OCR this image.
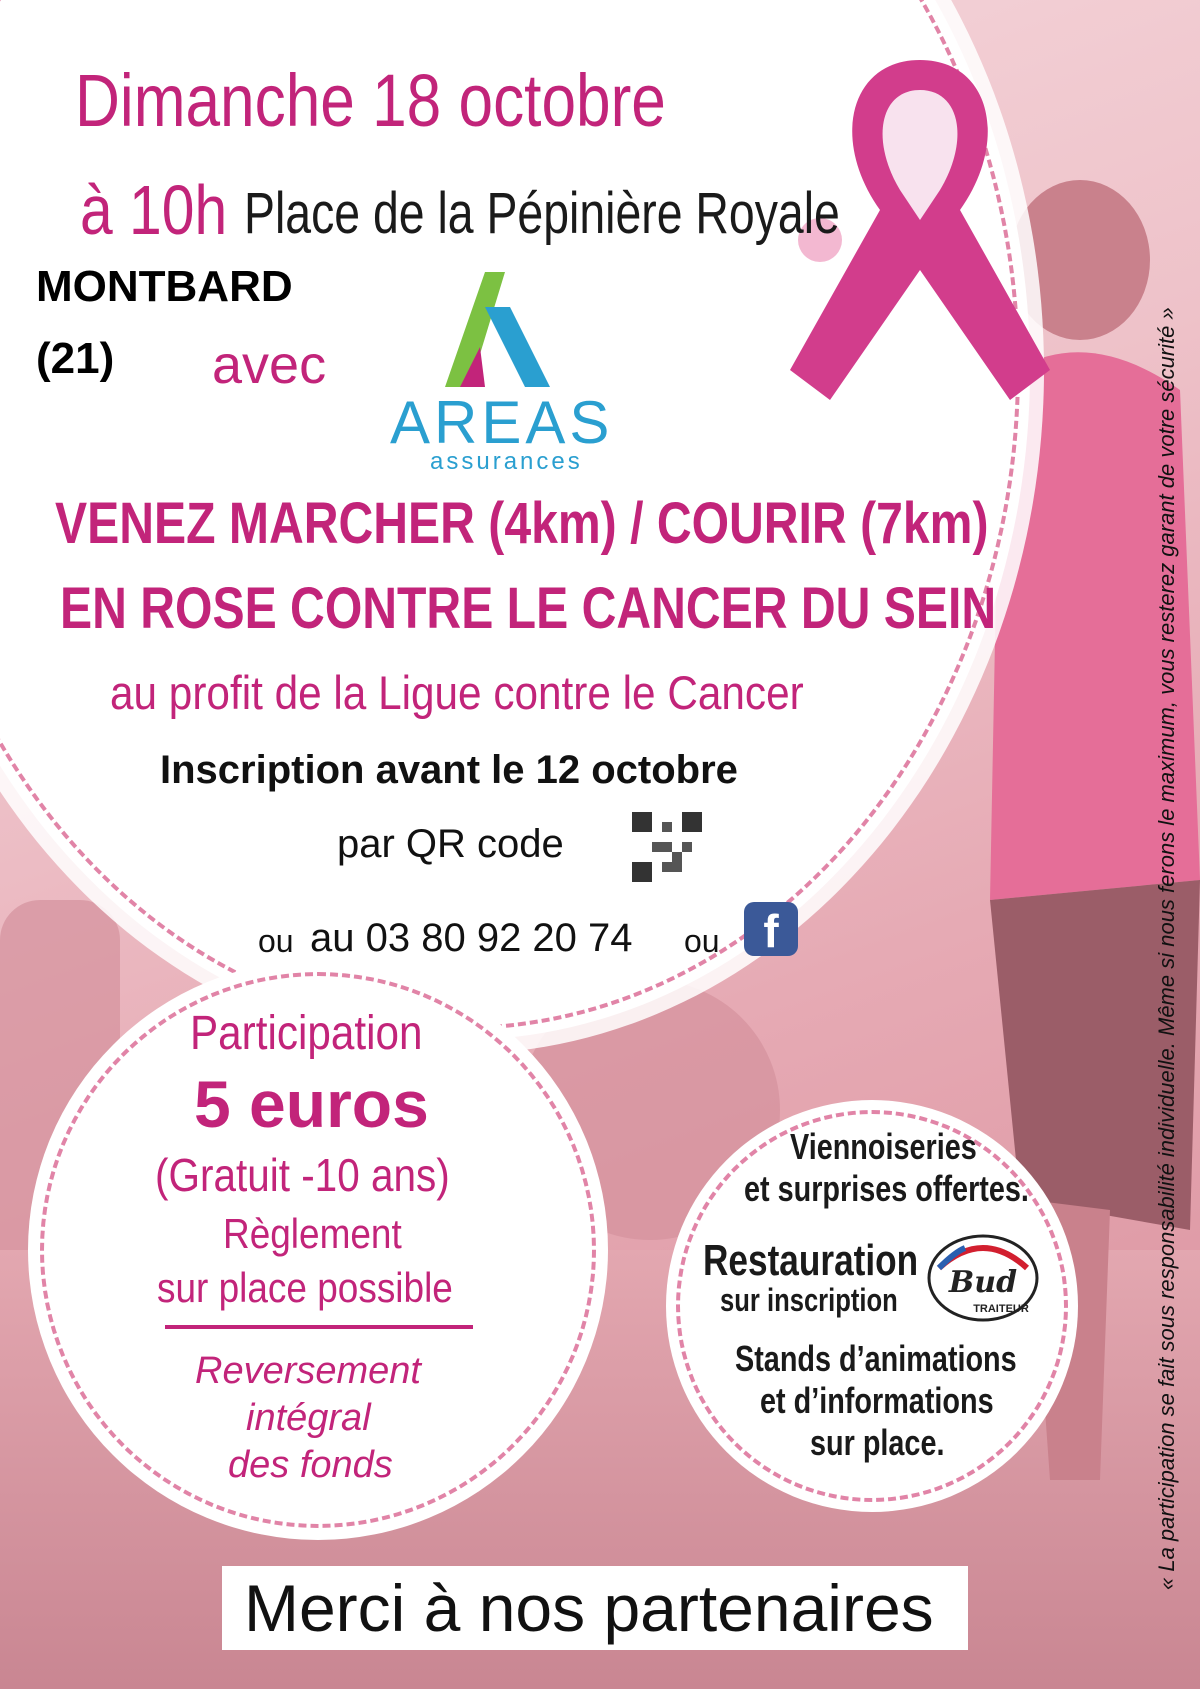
Dimanche 18 octobre
à 10h Place de la Pépinière Royale
MONTBARD
(21) avec
AREAS
assurances
VENEZ MARCHER (4km) / COURIR (7km)
EN ROSE CONTRE LE CANCER DU SEIN
au profit de la Ligue contre le Cancer
Inscription avant le 12 octobre
par QR code
ou au 03 80 92 20 74 ou f
Participation
5 euros
(Gratuit -10 ans)
Règlement
sur place possible
Reversement
intégral
des fonds
Viennoiseries
et surprises offertes.
Restauration
sur inscription
Stands d’animations
et d’informations
sur place.
Bud
TRAITEUR
Merci à nos partenaires
« La participation se fait sous responsabilité individuelle. Même si nous ferons le maximum, vous resterez garant de votre sécurité »
